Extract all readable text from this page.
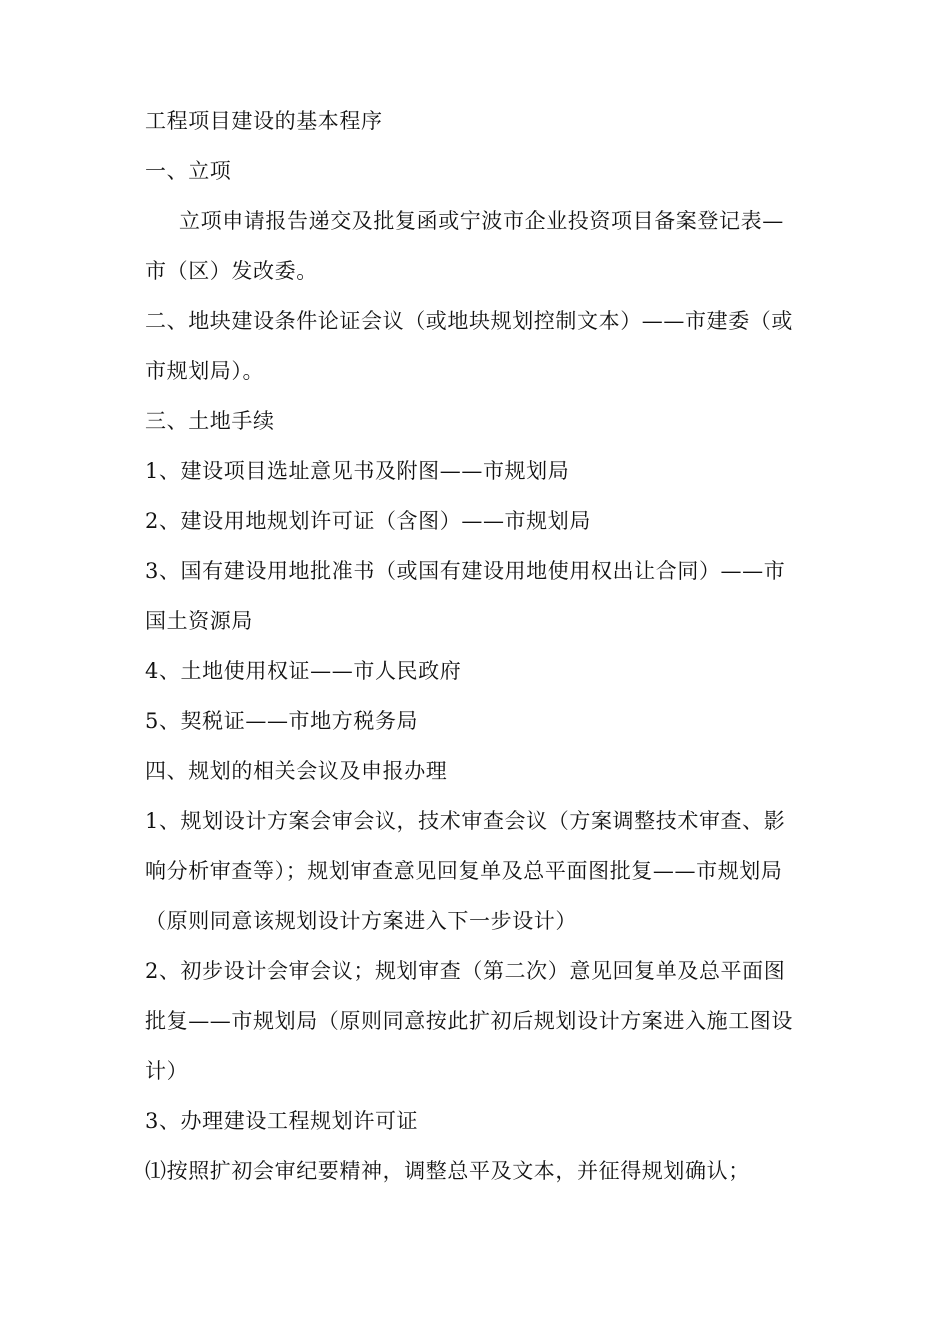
工程项目建设的基本程序

一、立项

立项申请报告递交及批复函或宁波市企业投资项目备案登记表—

市（区）发改委。

二、地块建设条件论证会议（或地块规划控制文本）——市建委（或

市规划局）。

三、土地手续

1、建设项目选址意见书及附图——市规划局

2、建设用地规划许可证（含图）——市规划局

3、国有建设用地批准书（或国有建设用地使用权出让合同）——市

国土资源局

4、土地使用权证——市人民政府

5、契税证——市地方税务局

四、规划的相关会议及申报办理

1、规划设计方案会审会议，技术审查会议（方案调整技术审查、影

响分析审查等）；规划审查意见回复单及总平面图批复——市规划局

（原则同意该规划设计方案进入下一步设计）

2、初步设计会审会议；规划审查（第二次）意见回复单及总平面图

批复——市规划局（原则同意按此扩初后规划设计方案进入施工图设

计）

3、办理建设工程规划许可证

⑴按照扩初会审纪要精神，调整总平及文本，并征得规划确认；
